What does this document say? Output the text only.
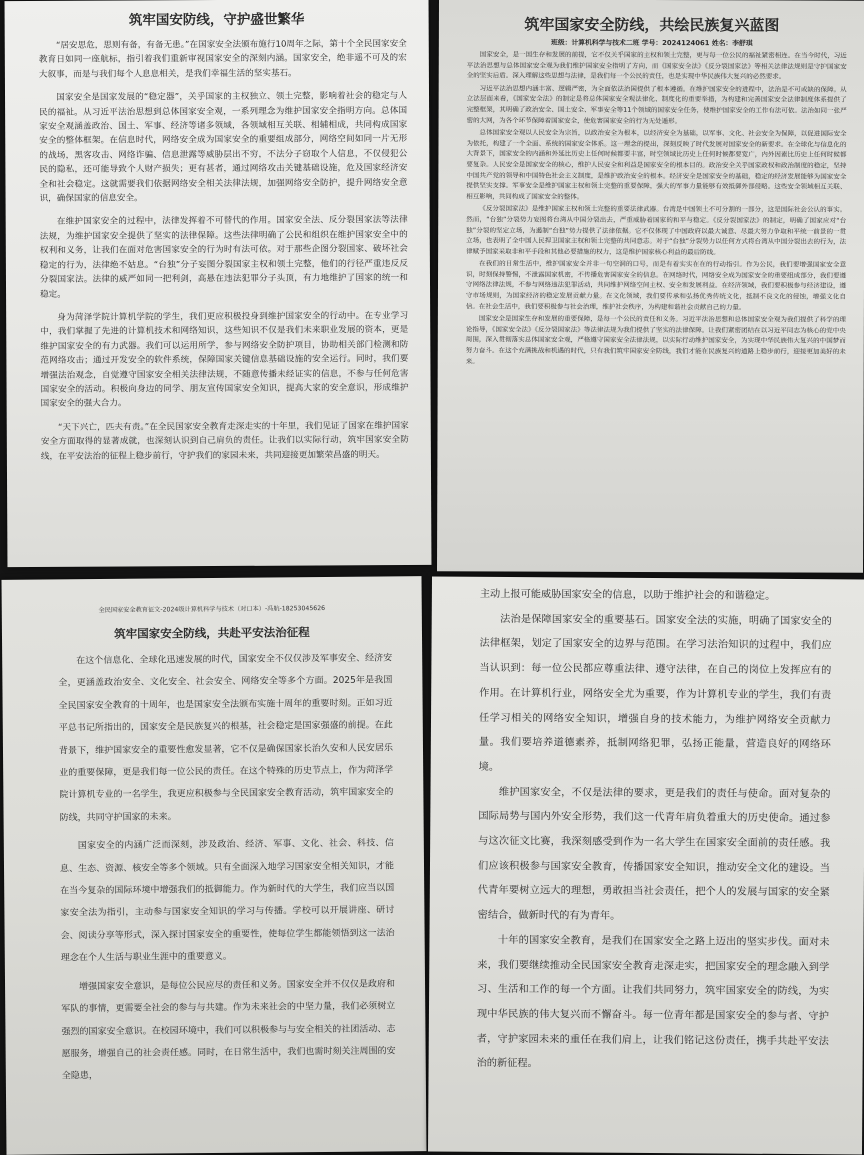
筑牢国安防线，守护盛世繁华

“居安思危，思则有备，有备无患。”在国家安全法颁布施行10周年之际，第十个全民国家安全教育日如同一座航标，指引着我们重新审视国家安全的深刻内涵。国家安全，绝非遥不可及的宏大叙事，而是与我们每个人息息相关，是我们幸福生活的坚实基石。

国家安全是国家发展的“稳定器”，关乎国家的主权独立、领土完整，影响着社会的稳定与人民的福祉。从习近平法治思想到总体国家安全观，一系列理念为维护国家安全指明方向。总体国家安全观涵盖政治、国土、军事、经济等诸多领域，各领域相互关联、相辅相成，共同构成国家安全的整体框架。在信息时代，网络安全成为国家安全的重要组成部分，网络空间如同一片无形的战场，黑客攻击、网络诈骗、信息泄露等威胁层出不穷，不法分子窃取个人信息，不仅侵犯公民的隐私，还可能导致个人财产损失；更有甚者，通过网络攻击关键基础设施，危及国家经济安全和社会稳定。这就需要我们依据网络安全相关法律法规，加强网络安全防护，提升网络安全意识，确保国家的信息安全。

在维护国家安全的过程中，法律发挥着不可替代的作用。国家安全法、反分裂国家法等法律法规，为维护国家安全提供了坚实的法律保障。这些法律明确了公民和组织在维护国家安全中的权利和义务，让我们在面对危害国家安全的行为时有法可依。对于那些企图分裂国家、破坏社会稳定的行为，法律绝不姑息。“台独”分子妄图分裂国家主权和领土完整，他们的行径严重违反反分裂国家法。法律的威严如同一把利剑，高悬在违法犯罪分子头顶，有力地维护了国家的统一和稳定。

身为菏泽学院计算机学院的学生，我们更应积极投身到维护国家安全的行动中。在专业学习中，我们掌握了先进的计算机技术和网络知识，这些知识不仅是我们未来职业发展的资本，更是维护国家安全的有力武器。我们可以运用所学，参与网络安全防护项目，协助相关部门检测和防范网络攻击；通过开发安全的软件系统，保障国家关键信息基础设施的安全运行。同时，我们要增强法治观念，自觉遵守国家安全相关法律法规，不随意传播未经证实的信息，不参与任何危害国家安全的活动。积极向身边的同学、朋友宣传国家安全知识，提高大家的安全意识，形成维护国家安全的强大合力。

“天下兴亡，匹夫有责。”在全民国家安全教育走深走实的十年里，我们见证了国家在维护国家安全方面取得的显著成就，也深刻认识到自己肩负的责任。让我们以实际行动，筑牢国家安全防线，在平安法治的征程上稳步前行，守护我们的家园未来，共同迎接更加繁荣昌盛的明天。

筑牢国家安全防线，共绘民族复兴蓝图

班级：计算机科学与技术二班 学号：2024124061 姓名：李舒琪

国家安全，是一国生存和发展的前提，它不仅关乎国家的主权和领土完整，更与每一位公民的福祉紧密相连。在当今时代，习近平法治思想与总体国家安全观为我们维护国家安全指明了方向，而《国家安全法》《反分裂国家法》等相关法律法规则是守护国家安全的坚实后盾。深入理解这些思想与法律，是我们每一个公民的责任，也是实现中华民族伟大复兴的必然要求。

习近平法治思想内涵丰富、逻辑严密，为全面依法治国提供了根本遵循。在维护国家安全的进程中，法治是不可或缺的保障。从立法层面来看，《国家安全法》的制定是将总体国家安全观法律化、制度化的重要举措，为构建和完善国家安全法律制度体系提供了完整框架，其明确了政治安全、国土安全、军事安全等11个领域的国家安全任务，使维护国家安全的工作有法可依。法治如同一张严密的大网，为各个环节保障着国家安全，使危害国家安全的行为无处遁形。

总体国家安全观以人民安全为宗旨，以政治安全为根本，以经济安全为基础，以军事、文化、社会安全为保障，以促进国际安全为依托，构建了一个全面、系统的国家安全体系。这一理念的提出，深刻反映了时代发展对国家安全的新要求。在全球化与信息化的大背景下，国家安全的内涵和外延比历史上任何时候都要丰富，时空领域比历史上任何时候都要宽广，内外因素比历史上任何时候都要复杂。人民安全是国家安全的核心，维护人民安全和利益是国家安全的根本目的。政治安全关乎国家政权和政治制度的稳定，坚持中国共产党的领导和中国特色社会主义制度，是维护政治安全的根本。经济安全是国家安全的基础，稳定的经济发展能够为国家安全提供坚实支撑。军事安全是维护国家主权和领土完整的重要保障，强大的军事力量能够有效抵御外部侵略。这些安全领域相互关联、相互影响，共同构成了国家安全的整体。

《反分裂国家法》是维护国家主权和领土完整的重要法律武器。台湾是中国领土不可分割的一部分，这是国际社会公认的事实。然而，“台独”分裂势力妄图将台湾从中国分裂出去，严重威胁着国家的和平与稳定。《反分裂国家法》的制定，明确了国家应对“台独”分裂的坚定立场，为遏制“台独”势力提供了法律依据。它不仅体现了中国政府以最大诚意、尽最大努力争取和平统一前景的一贯立场，也表明了全中国人民捍卫国家主权和领土完整的共同意志。对于“台独”分裂势力以任何方式将台湾从中国分裂出去的行为，法律赋予国家采取非和平手段和其他必要措施的权力，这是维护国家核心利益的最后防线。

在我们的日常生活中，维护国家安全并非一句空洞的口号，而是有着实实在在的行动指引。作为公民，我们要增强国家安全意识，时刻保持警惕，不泄露国家机密，不传播危害国家安全的信息。在网络时代，网络安全成为国家安全的重要组成部分，我们要遵守网络法律法规，不参与网络违法犯罪活动，共同维护网络空间主权、安全和发展利益。在经济领域，我们要积极参与经济建设，遵守市场规则，为国家经济的稳定发展贡献力量。在文化领域，我们要传承和弘扬优秀传统文化，抵制不良文化的侵蚀，增强文化自信。在社会生活中，我们要积极参与社会治理，维护社会秩序，为构建和谐社会贡献自己的力量。

国家安全是国家生存和发展的重要保障，是每一个公民的责任和义务。习近平法治思想和总体国家安全观为我们提供了科学的理论指导，《国家安全法》《反分裂国家法》等法律法规为我们提供了坚实的法律保障。让我们紧密团结在以习近平同志为核心的党中央周围，深入贯彻落实总体国家安全观，严格遵守国家安全法律法规，以实际行动维护国家安全，为实现中华民族伟大复兴的中国梦而努力奋斗。在这个充满挑战和机遇的时代，只有我们筑牢国家安全防线，我们才能在民族复兴的道路上稳步前行，迎接更加美好的未来。

全民国家安全教育征文-2024级计算机科学与技术（对口本）-冯航-18253045626

筑牢国家安全防线，共赴平安法治征程

在这个信息化、全球化迅速发展的时代，国家安全不仅仅涉及军事安全、经济安全，更涵盖政治安全、文化安全、社会安全、网络安全等多个方面。2025年是我国全民国家安全教育的十周年，也是国家安全法颁布实施十周年的重要时刻。正如习近平总书记所指出的，国家安全是民族复兴的根基，社会稳定是国家强盛的前提。在此背景下，维护国家安全的重要性愈发显著，它不仅是确保国家长治久安和人民安居乐业的重要保障，更是我们每一位公民的责任。在这个特殊的历史节点上，作为菏泽学院计算机专业的一名学生，我更应积极参与全民国家安全教育活动，筑牢国家安全的防线，共同守护国家的未来。

国家安全的内涵广泛而深刻，涉及政治、经济、军事、文化、社会、科技、信息、生态、资源、核安全等多个领域。只有全面深入地学习国家安全相关知识，才能在当今复杂的国际环境中增强我们的抵御能力。作为新时代的大学生，我们应当以国家安全法为指引，主动参与国家安全知识的学习与传播。学校可以开展讲座、研讨会、阅读分享等形式，深入探讨国家安全的重要性，使每位学生都能领悟到这一法治理念在个人生活与职业生涯中的重要意义。

增强国家安全意识，是每位公民应尽的责任和义务。国家安全并不仅仅是政府和军队的事情，更需要全社会的参与与共建。作为未来社会的中坚力量，我们必须树立强烈的国家安全意识。在校园环境中，我们可以积极参与与安全相关的社团活动、志愿服务，增强自己的社会责任感。同时，在日常生活中，我们也需时刻关注周围的安全隐患，

主动上报可能威胁国家安全的信息，以助于维护社会的和谐稳定。

法治是保障国家安全的重要基石。国家安全法的实施，明确了国家安全的法律框架，划定了国家安全的边界与范围。在学习法治知识的过程中，我们应当认识到：每一位公民都应尊重法律、遵守法律，在自己的岗位上发挥应有的作用。在计算机行业，网络安全尤为重要，作为计算机专业的学生，我们有责任学习相关的网络安全知识，增强自身的技术能力，为维护网络安全贡献力量。我们要培养道德素养，抵制网络犯罪，弘扬正能量，营造良好的网络环境。

维护国家安全，不仅是法律的要求，更是我们的责任与使命。面对复杂的国际局势与国内外安全形势，我们这一代青年肩负着重大的历史使命。通过参与这次征文比赛，我深刻感受到作为一名大学生在国家安全面前的责任感。我们应该积极参与国家安全教育，传播国家安全知识，推动安全文化的建设。当代青年要树立远大的理想，勇敢担当社会责任，把个人的发展与国家的安全紧密结合，做新时代的有为青年。

十年的国家安全教育，是我们在国家安全之路上迈出的坚实步伐。面对未来，我们要继续推动全民国家安全教育走深走实，把国家安全的理念融入到学习、生活和工作的每一个方面。让我们共同努力，筑牢国家安全的防线，为实现中华民族的伟大复兴而不懈奋斗。每一位青年都是国家安全的参与者、守护者，守护家园未来的重任在我们肩上，让我们铭记这份责任，携手共赴平安法治的新征程。
